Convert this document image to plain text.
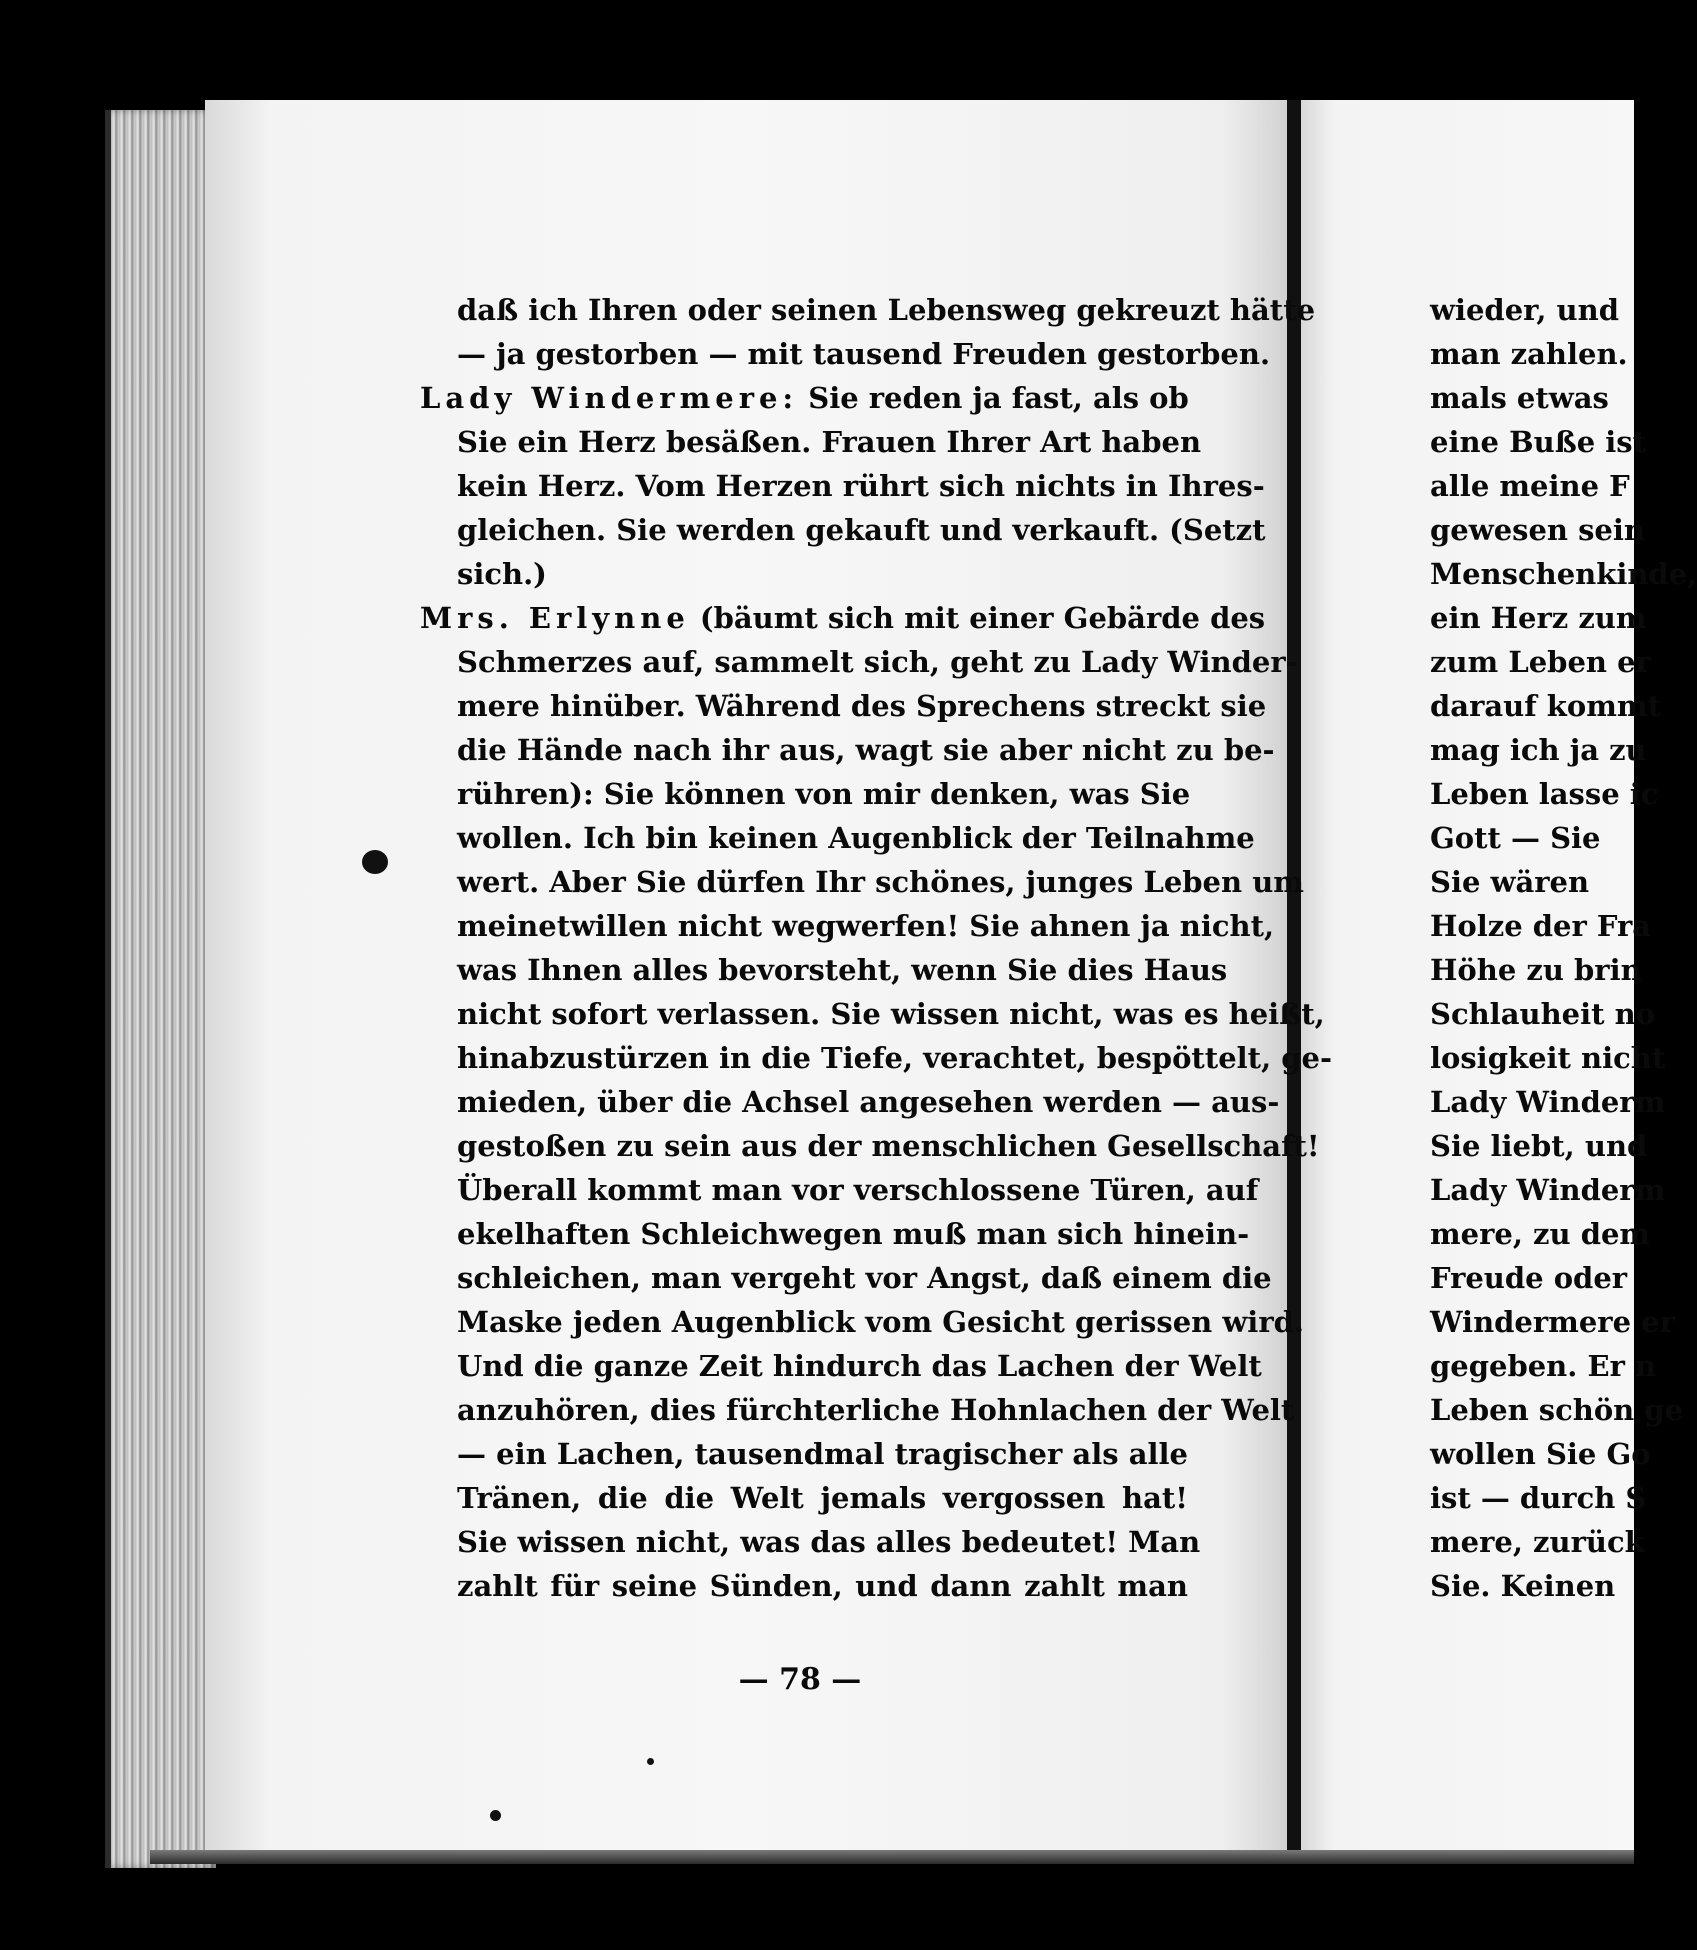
daß ich Ihren oder seinen Lebensweg gekreuzt hätte
— ja gestorben — mit tausend Freuden gestorben.
Lady Windermere: Sie reden ja fast, als ob
Sie ein Herz besäßen. Frauen Ihrer Art haben
kein Herz. Vom Herzen rührt sich nichts in Ihres-
gleichen. Sie werden gekauft und verkauft. (Setzt
sich.)
Mrs. Erlynne (bäumt sich mit einer Gebärde des
Schmerzes auf, sammelt sich, geht zu Lady Winder-
mere hinüber. Während des Sprechens streckt sie
die Hände nach ihr aus, wagt sie aber nicht zu be-
rühren): Sie können von mir denken, was Sie
wollen. Ich bin keinen Augenblick der Teilnahme
wert. Aber Sie dürfen Ihr schönes, junges Leben um
meinetwillen nicht wegwerfen! Sie ahnen ja nicht,
was Ihnen alles bevorsteht, wenn Sie dies Haus
nicht sofort verlassen. Sie wissen nicht, was es heißt,
hinabzustürzen in die Tiefe, verachtet, bespöttelt, ge-
mieden, über die Achsel angesehen werden — aus-
gestoßen zu sein aus der menschlichen Gesellschaft!
Überall kommt man vor verschlossene Türen, auf
ekelhaften Schleichwegen muß man sich hinein-
schleichen, man vergeht vor Angst, daß einem die
Maske jeden Augenblick vom Gesicht gerissen wird.
Und die ganze Zeit hindurch das Lachen der Welt
anzuhören, dies fürchterliche Hohnlachen der Welt
— ein Lachen, tausendmal tragischer als alle
Tränen, die die Welt jemals vergossen hat!
Sie wissen nicht, was das alles bedeutet! Man
zahlt für seine Sünden, und dann zahlt man
— 78 —
wieder, und
man zahlen.
mals etwas
eine Buße ist
alle meine F
gewesen sein
Menschenkinde,
ein Herz zum
zum Leben er
darauf kommt
mag ich ja zu
Leben lasse ic
Gott — Sie
Sie wären
Holze der Fra
Höhe zu brin
Schlauheit no
losigkeit nicht
Lady Winderm
Sie liebt, und
Lady Winderm
mere, zu dem
Freude oder
Windermere er
gegeben. Er n
Leben schön ge
wollen Sie Go
ist — durch S
mere, zurück
Sie. Keinen
